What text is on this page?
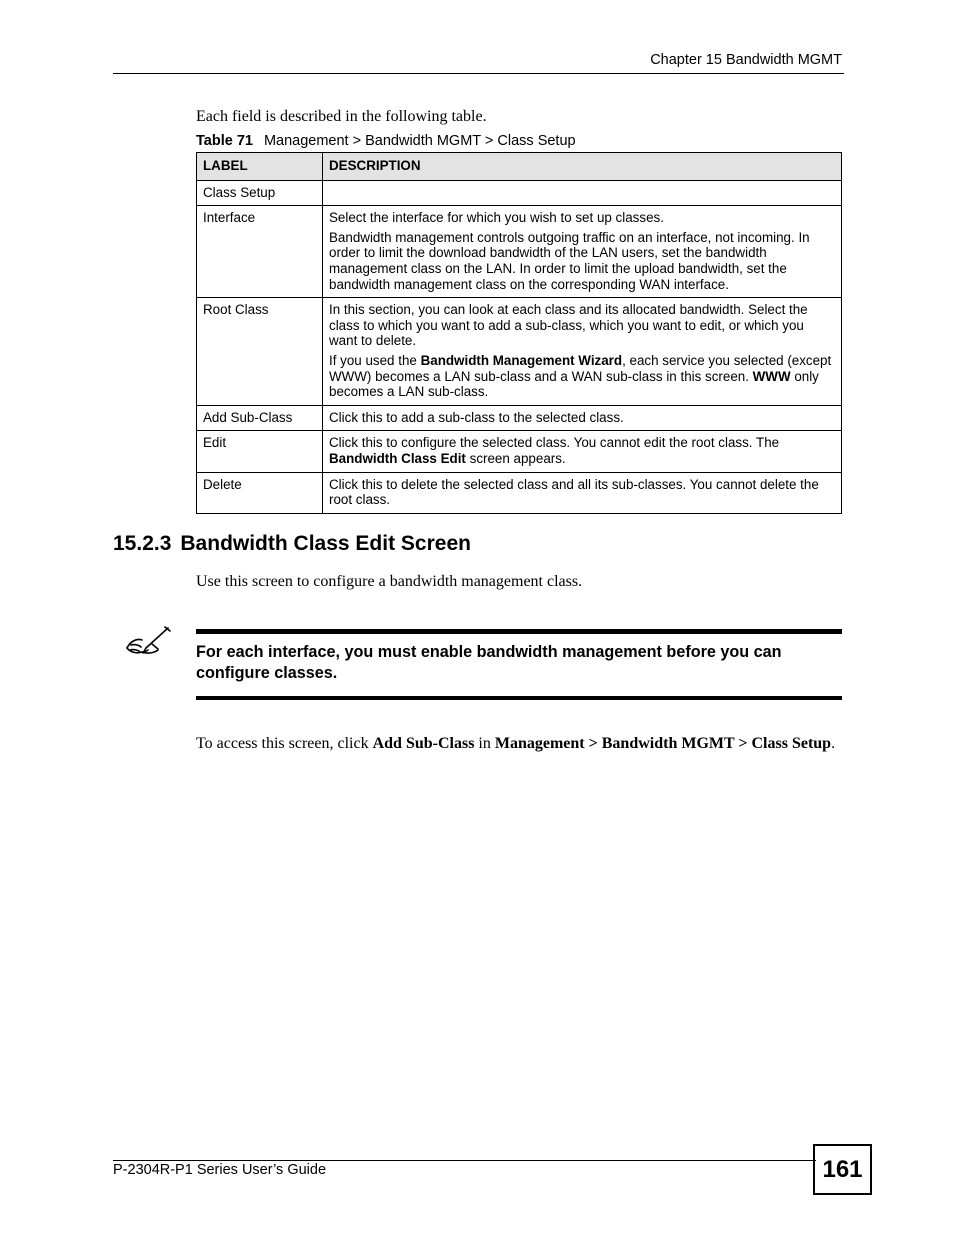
Chapter 15 Bandwidth MGMT
Each field is described in the following table.
Table 71 Management > Bandwidth MGMT > Class Setup
LABEL	DESCRIPTION
Class Setup	
Interface	Select the interface for which you wish to set up classes.

Bandwidth management controls outgoing traffic on an interface, not incoming. In order to limit the download bandwidth of the LAN users, set the bandwidth management class on the LAN. In order to limit the upload bandwidth, set the bandwidth management class on the corresponding WAN interface.

Root Class	In this section, you can look at each class and its allocated bandwidth. Select the class to which you want to add a sub-class, which you want to edit, or which you want to delete.

If you used the Bandwidth Management Wizard, each service you selected (except WWW) becomes a LAN sub-class and a WAN sub-class in this screen. WWW only becomes a LAN sub-class.

Add Sub-Class	Click this to add a sub-class to the selected class.

Edit	Click this to configure the selected class. You cannot edit the root class. The Bandwidth Class Edit screen appears.

Delete	Click this to delete the selected class and all its sub-classes. You cannot delete the root class.

15.2.3 Bandwidth Class Edit Screen
Use this screen to configure a bandwidth management class.
For each interface, you must enable bandwidth management before you can configure classes.
To access this screen, click Add Sub-Class in Management > Bandwidth MGMT > Class Setup.
P-2304R-P1 Series User’s Guide	161
